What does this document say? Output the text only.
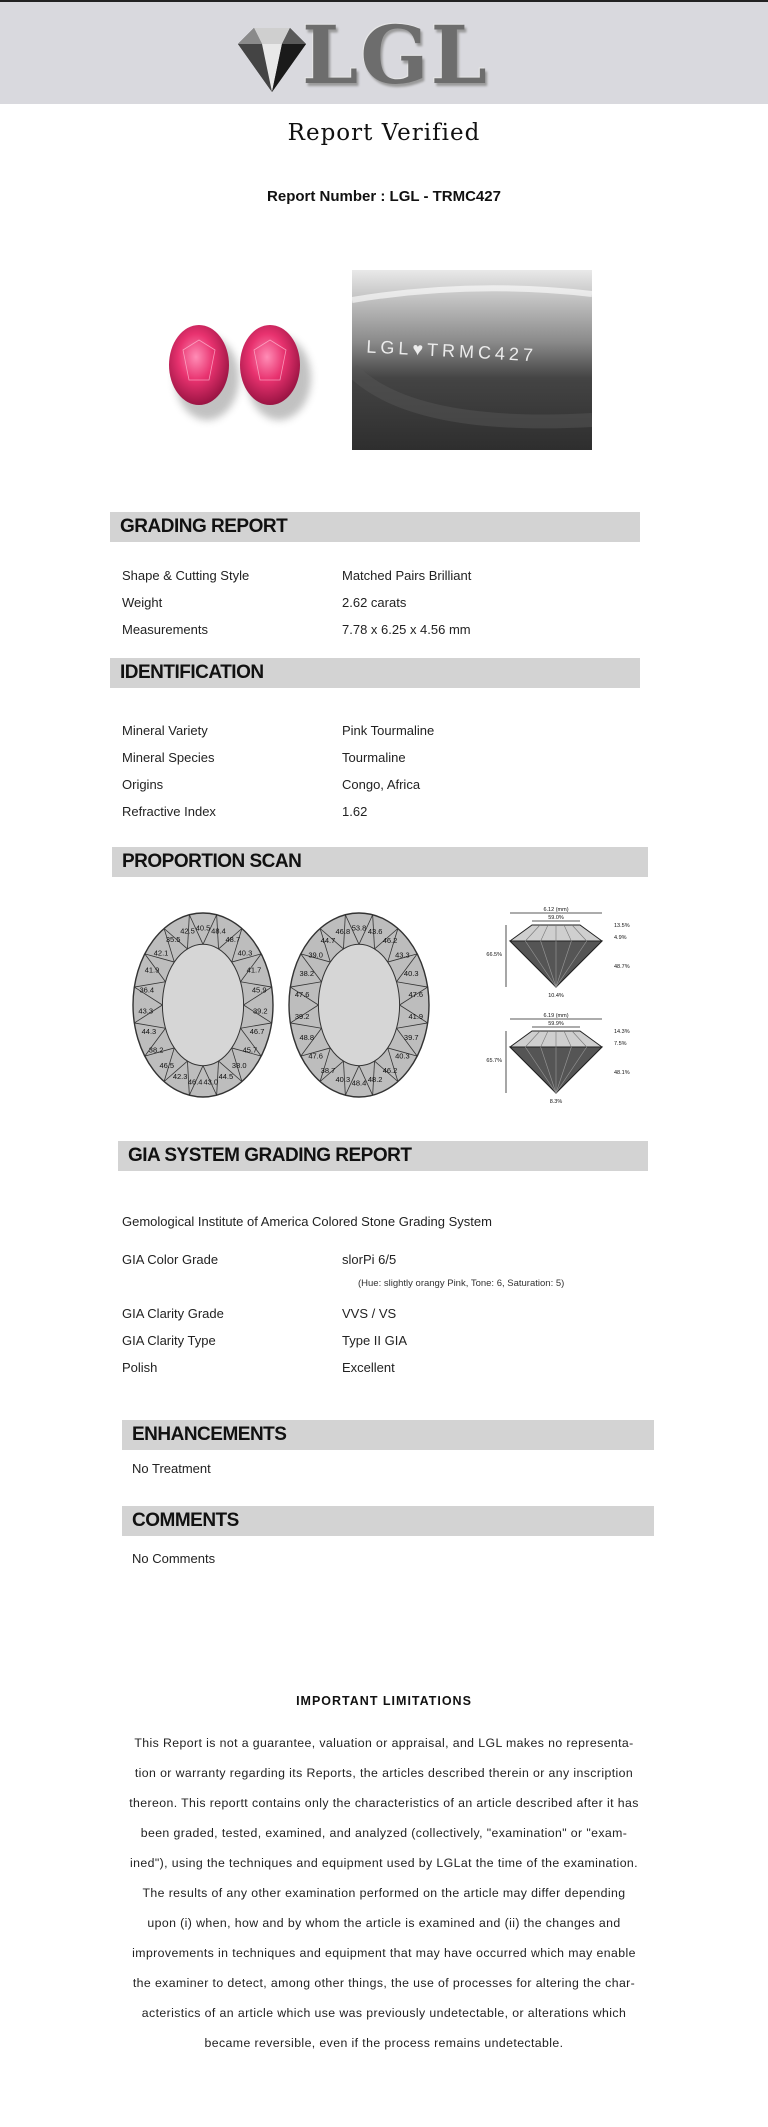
LGL
Report Verified
Report Number : LGL - TRMC427
LGL♥TRMC427
GRADING REPORT
Shape & Cutting Style	Matched Pairs Brilliant
Weight	2.62 carats
Measurements	7.78 x 6.25 x 4.56 mm
IDENTIFICATION
Mineral Variety	Pink Tourmaline
Mineral Species	Tourmaline
Origins	Congo, Africa
Refractive Index	1.62
PROPORTION SCAN
40.5 48.4
48.7
40.3
41.7
45.9
39.2
46.7
45.7
38.0
44.5
43.0
46.4
42.3
46.5
38.2
44.3
43.3
36.4
41.9
42.1
35.5
42.5	53.8 43.6
46.2
43.3
40.3
47.6
41.9
39.7
40.3
46.2
48.2
48.4
40.3
38.7
47.6
48.8
39.2
47.6
38.2
39.0
44.7
46.8
6.12 (mm)
59.0%
66.5%
13.5%
4.9%
48.7%
10.4%
6.19 (mm)
59.9%
65.7%
14.3%
7.5%
48.1%
8.3%
GIA SYSTEM GRADING REPORT
Gemological Institute of America Colored Stone Grading System
GIA Color Grade	slorPi 6/5
(Hue: slightly orangy Pink, Tone: 6, Saturation: 5)
GIA Clarity Grade	VVS / VS
GIA Clarity Type	Type II GIA
Polish	Excellent
ENHANCEMENTS
No Treatment
COMMENTS
No Comments
IMPORTANT LIMITATIONS
This Report is not a guarantee, valuation or appraisal, and LGL makes no representa-
tion or warranty regarding its Reports, the articles described therein or any inscription
thereon. This reportt contains only the characteristics of an article described after it has
been graded, tested, examined, and analyzed (collectively, "examination" or "exam-
ined"), using the techniques and equipment used by LGLat the time of the examination.
The results of any other examination performed on the article may differ depending
upon (i) when, how and by whom the article is examined and (ii) the changes and
improvements in techniques and equipment that may have occurred which may enable
the examiner to detect, among other things, the use of processes for altering the char-
acteristics of an article which use was previously undetectable, or alterations which
became reversible, even if the process remains undetectable.
